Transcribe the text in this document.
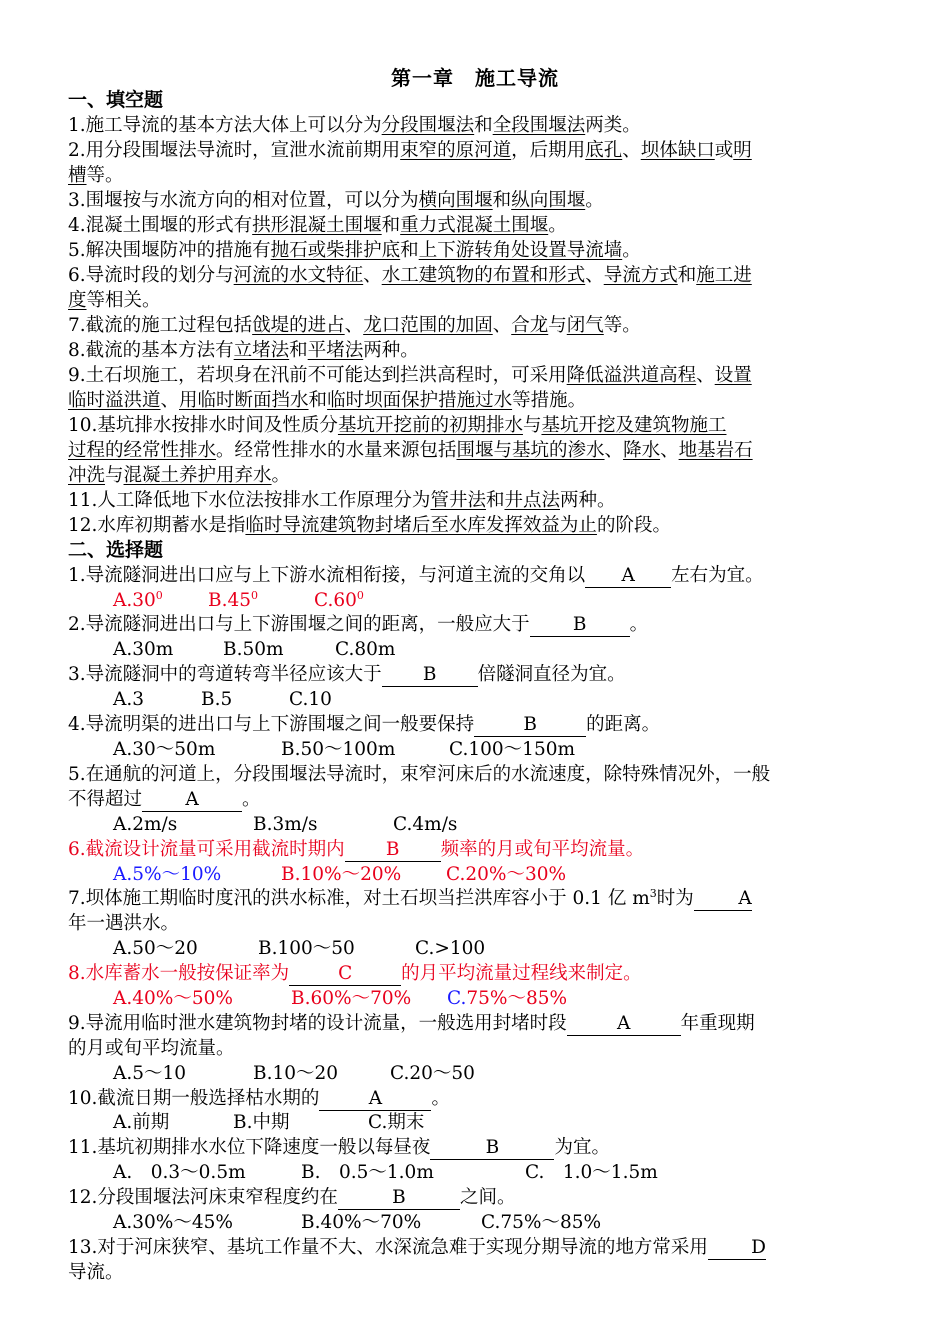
第一章　施工导流
一、填空题
1.施工导流的基本方法大体上可以分为分段围堰法和全段围堰法两类。
2.用分段围堰法导流时，宣泄水流前期用束窄的原河道，后期用底孔、坝体缺口或明
槽等。
3.围堰按与水流方向的相对位置，可以分为横向围堰和纵向围堰。
4.混凝土围堰的形式有拱形混凝土围堰和重力式混凝土围堰。
5.解决围堰防冲的措施有抛石或柴排护底和上下游转角处设置导流墙。
6.导流时段的划分与河流的水文特征、水工建筑物的布置和形式、导流方式和施工进
度等相关。
7.截流的施工过程包括戗堤的进占、龙口范围的加固、合龙与闭气等。
8.截流的基本方法有立堵法和平堵法两种。
9.土石坝施工，若坝身在汛前不可能达到拦洪高程时，可采用降低溢洪道高程、设置
临时溢洪道、用临时断面挡水和临时坝面保护措施过水等措施。
10.基坑排水按排水时间及性质分基坑开挖前的初期排水与基坑开挖及建筑物施工
过程的经常性排水。经常性排水的水量来源包括围堰与基坑的渗水、降水、地基岩石
冲洗与混凝土养护用弃水。
11.人工降低地下水位法按排水工作原理分为管井法和井点法两种。
12.水库初期蓄水是指临时导流建筑物封堵后至水库发挥效益为止的阶段。
二、选择题
1.导流隧洞进出口应与上下游水流相衔接，与河道主流的交角以 A 左右为宜。
$A.30^0$ $B.45^0$	$C.60^0$
2.导流隧洞进出口与上下游围堰之间的距离，一般应大于 B 。
A.30m	B.50m	C.80m
3.导流隧洞中的弯道转弯半径应该大于 B 倍隧洞直径为宜。
A.3	B.5	C.10
4.导流明渠的进出口与上下游围堰之间一般要保持	B	的距离。
A.30～50m	B.50～100m	C.100～150m
5.在通航的河道上，分段围堰法导流时，束窄河床后的水流速度，除特殊情况外，一般
不得超过 A 。
A.2m/s	B.3m/s	C.4m/s
6.截流设计流量可采用截流时期内 B 频率的月或旬平均流量。
A.5%～10%	B.10%～20% C.20%～30%
7.坝体施工期临时度汛的洪水标准，对土石坝当拦洪库容小于 0.1 亿 $m^3$时为 A
年一遇洪水。
A.50～20	B.100～50	C.>100
8.水库蓄水一般按保证率为	C	的月平均流量过程线来制定。
A.40%～50%	B.60%～70% C.75%～85%
9.导流用临时泄水建筑物封堵的设计流量，一般选用封堵时段	A	年重现期
的月或旬平均流量。
A.5～10	B.10～20	C.20～50
10.截流日期一般选择枯水期的	A	。
A.前期	B.中期	C.期末
11.基坑初期排水水位下降速度一般以每昼夜	B	为宜。
A.　0.3～0.5m	B.　0.5～1.0m	C.　1.0～1.5m
12.分段围堰法河床束窄程度约在	B	之间。
A.30%～45%	B.40%～70%	C.75%～85%
13.对于河床狭窄、基坑工作量不大、水深流急难于实现分期导流的地方常采用 D
导流。
